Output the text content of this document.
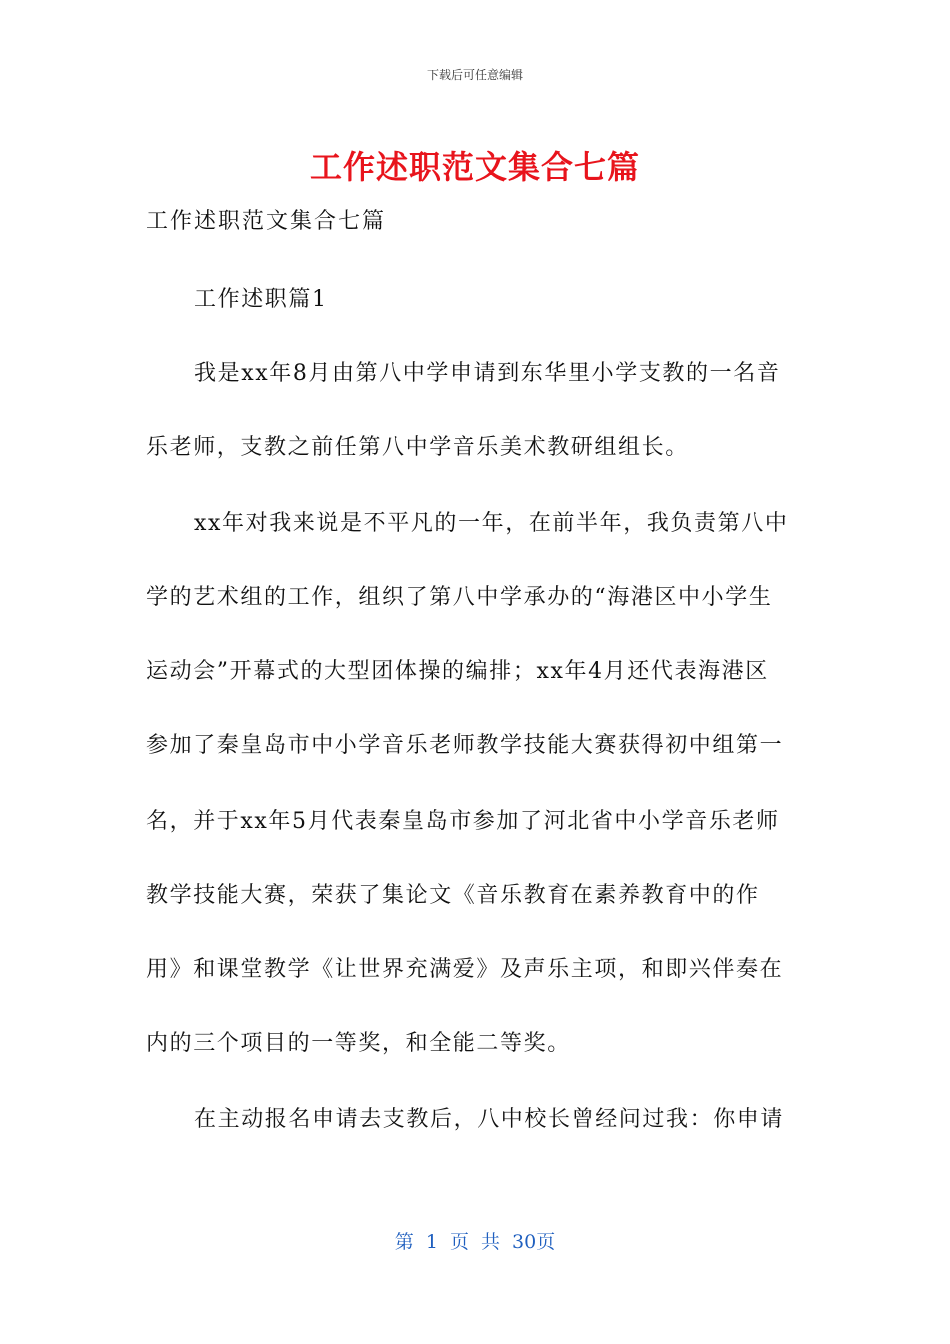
下载后可任意编辑
工作述职范文集合七篇
工作述职范文集合七篇
工作述职篇1
我是xx年8月由第八中学申请到东华里小学支教的一名音
乐老师，支教之前任第八中学音乐美术教研组组长。
xx年对我来说是不平凡的一年，在前半年，我负责第八中
学的艺术组的工作，组织了第八中学承办的“海港区中小学生
运动会”开幕式的大型团体操的编排；xx年4月还代表海港区
参加了秦皇岛市中小学音乐老师教学技能大赛获得初中组第一
名，并于xx年5月代表秦皇岛市参加了河北省中小学音乐老师
教学技能大赛，荣获了集论文《音乐教育在素养教育中的作
用》和课堂教学《让世界充满爱》及声乐主项，和即兴伴奏在
内的三个项目的一等奖，和全能二等奖。
在主动报名申请去支教后，八中校长曾经问过我：你申请
第 1 页 共 30页
